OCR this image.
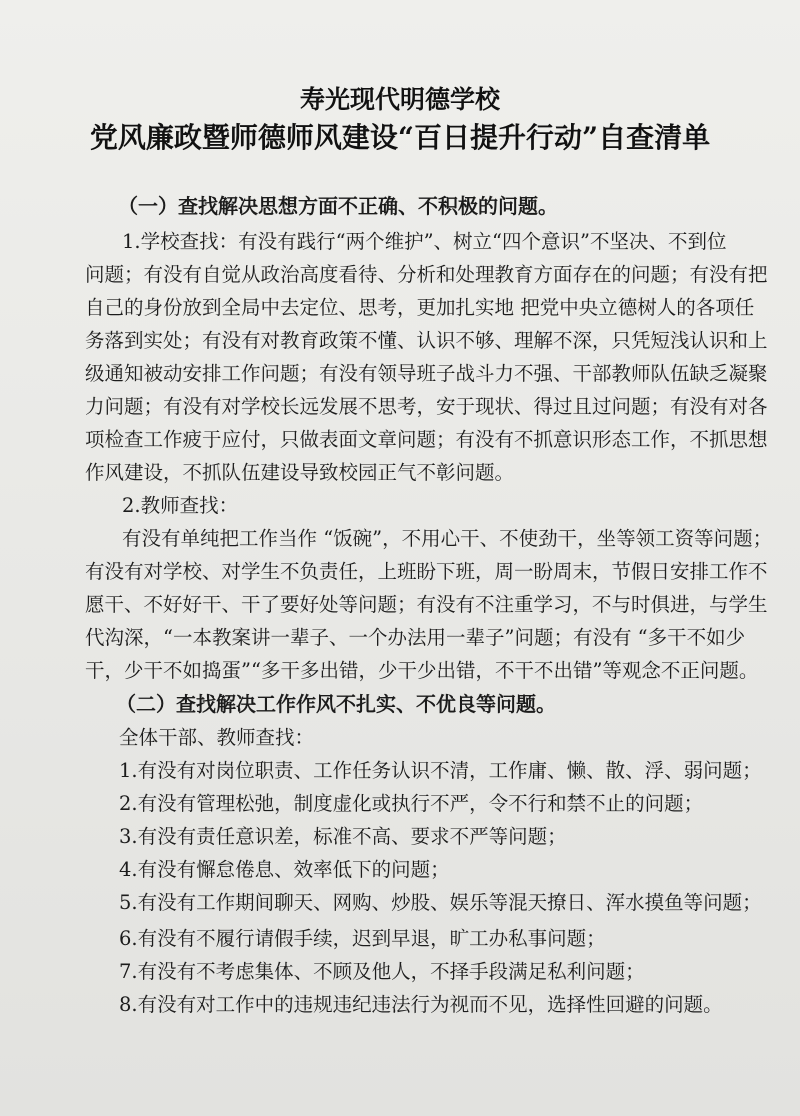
寿光现代明德学校
党风廉政暨师德师风建设“百日提升行动”自查清单
（一）查找解决思想方面不正确、不积极的问题。
1.学校查找：有没有践行“两个维护”、树立“四个意识”不坚决、不到位
问题；有没有自觉从政治高度看待、分析和处理教育方面存在的问题；有没有把
自己的身份放到全局中去定位、思考，更加扎实地 把党中央立德树人的各项任
务落到实处；有没有对教育政策不懂、认识不够、理解不深，只凭短浅认识和上
级通知被动安排工作问题；有没有领导班子战斗力不强、干部教师队伍缺乏凝聚
力问题；有没有对学校长远发展不思考，安于现状、得过且过问题；有没有对各
项检查工作疲于应付，只做表面文章问题；有没有不抓意识形态工作，不抓思想
作风建设，不抓队伍建设导致校园正气不彰问题。
2.教师查找：
有没有单纯把工作当作 “饭碗”，不用心干、不使劲干，坐等领工资等问题；
有没有对学校、对学生不负责任，上班盼下班，周一盼周末，节假日安排工作不
愿干、不好好干、干了要好处等问题；有没有不注重学习，不与时俱进，与学生
代沟深，“一本教案讲一辈子、一个办法用一辈子”问题；有没有 “多干不如少
干，少干不如捣蛋”“多干多出错，少干少出错，不干不出错”等观念不正问题。
（二）查找解决工作作风不扎实、不优良等问题。
全体干部、教师查找：
1.有没有对岗位职责、工作任务认识不清，工作庸、懒、散、浮、弱问题；
2.有没有管理松弛，制度虚化或执行不严，令不行和禁不止的问题；
3.有没有责任意识差，标准不高、要求不严等问题；
4.有没有懈怠倦息、效率低下的问题；
5.有没有工作期间聊天、网购、炒股、娱乐等混天撩日、浑水摸鱼等问题；
6.有没有不履行请假手续，迟到早退，旷工办私事问题；
7.有没有不考虑集体、不顾及他人，不择手段满足私利问题；
8.有没有对工作中的违规违纪违法行为视而不见，选择性回避的问题。
